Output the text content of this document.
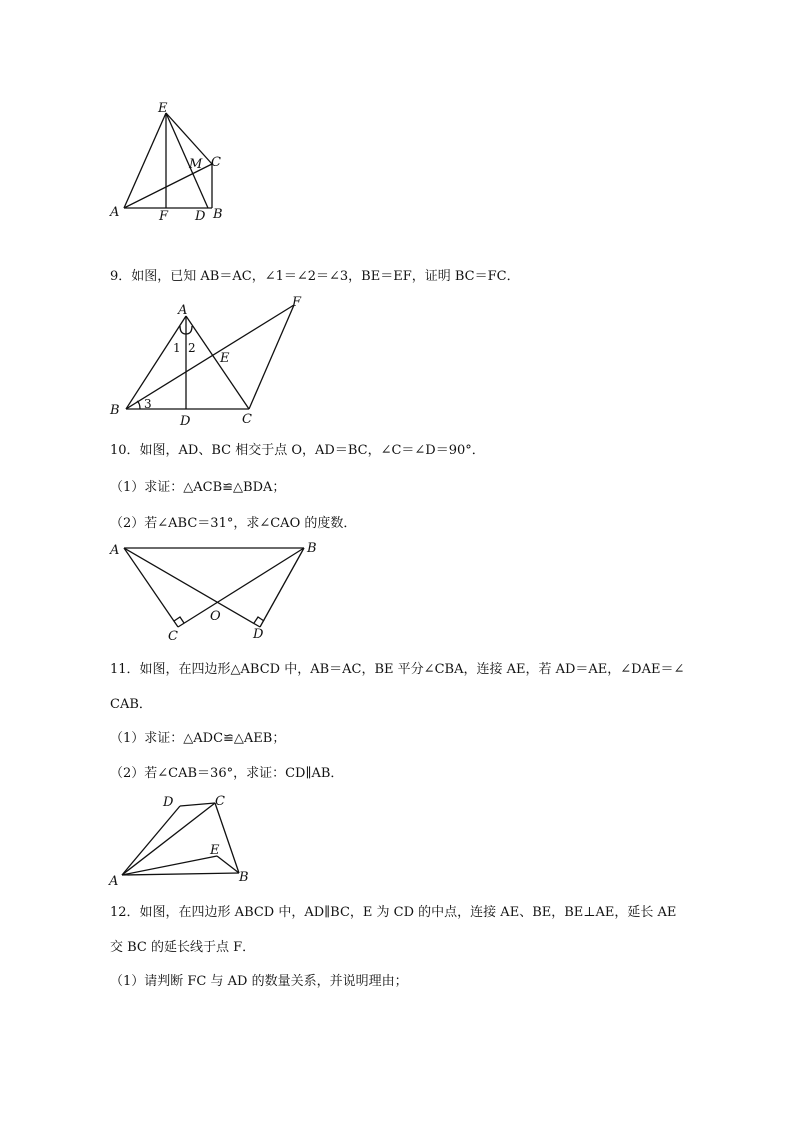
E
M C
A	F D B
9．如图，已知 AB＝AC，∠1＝∠2＝∠3，BE＝EF，证明 BC＝FC．
A
F
E
B
D	C
1 2
3
10．如图，AD、BC 相交于点 O，AD＝BC，∠C＝∠D＝90°．
（1）求证：△ACB≌△BDA；
（2）若∠ABC＝31°，求∠CAO 的度数．
A	B
O
C	D
11．如图，在四边形△ABCD 中，AB＝AC，BE 平分∠CBA，连接 AE，若 AD＝AE，∠DAE＝∠
CAB．
（1）求证：△ADC≌△AEB；
（2）若∠CAB＝36°，求证：CD∥AB．
D	C
E
A	B
12．如图，在四边形 ABCD 中，AD∥BC，E 为 CD 的中点，连接 AE、BE，BE⊥AE，延长 AE
交 BC 的延长线于点 F．
（1）请判断 FC 与 AD 的数量关系，并说明理由；
